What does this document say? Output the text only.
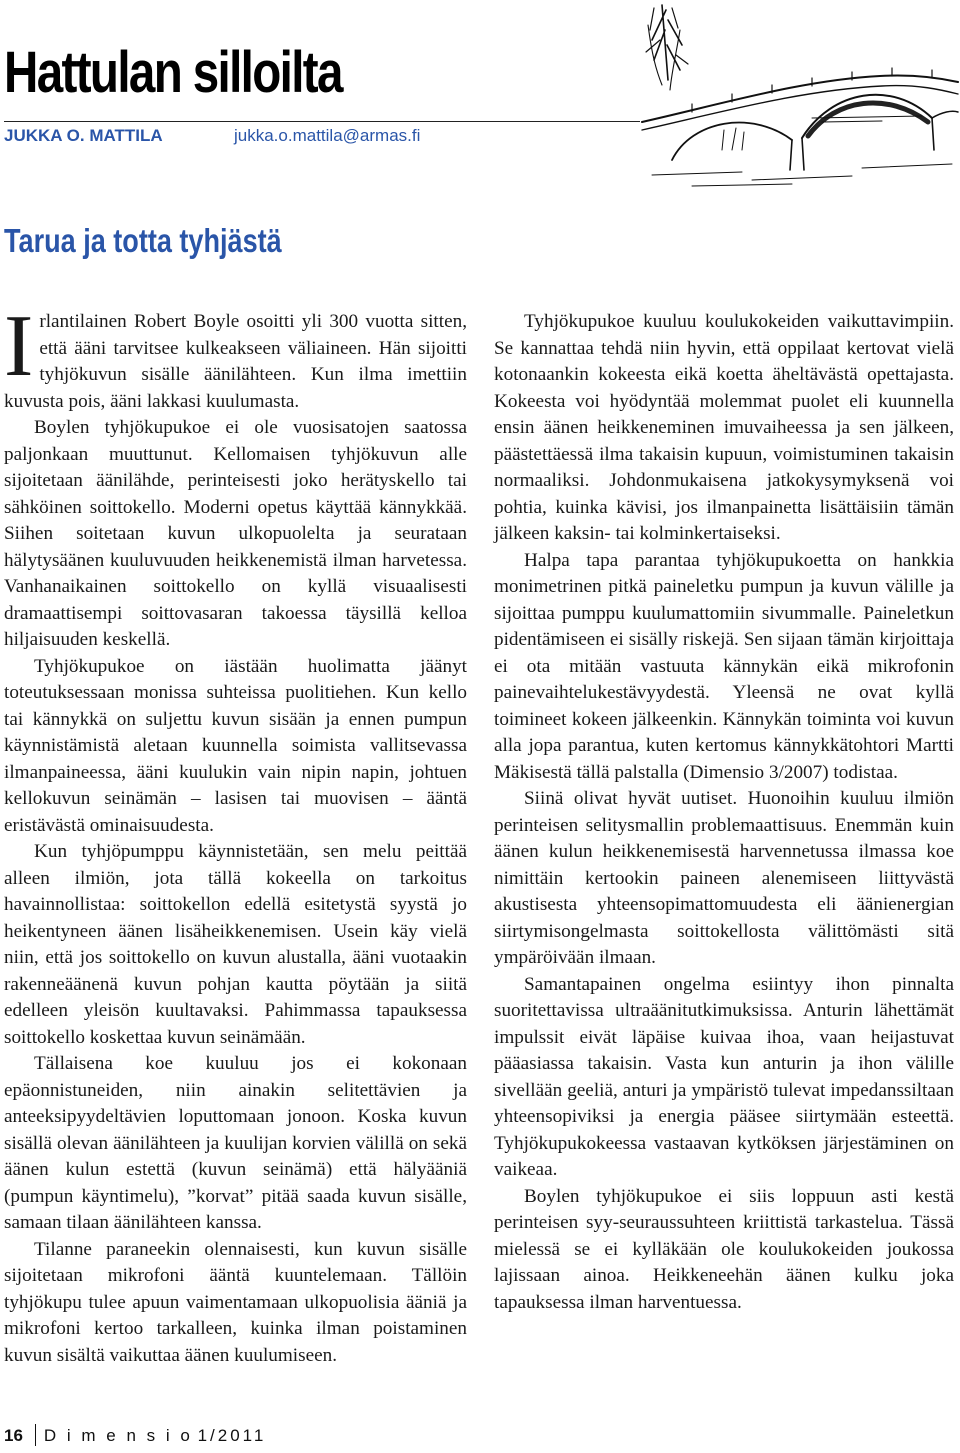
Hattulan silloilta
JUKKA O. MATTILA	jukka.o.mattila@armas.fi
Tarua ja totta tyhjästä

Irlantilainen Robert Boyle osoitti yli 300 vuotta sitten, että ääni tarvitsee kulkeakseen väliaineen. Hän sijoitti tyhjökuvun sisälle äänilähteen. Kun ilma imettiin kuvusta pois, ääni lakkasi kuulumasta.

Boylen tyhjökupukoe ei ole vuosisatojen saatossa paljonkaan muuttunut. Kellomaisen tyhjökuvun alle sijoitetaan äänilähde, perinteisesti joko herätyskello tai sähköinen soittokello. Moderni opetus käyttää kännykkää. Siihen soitetaan kuvun ulkopuolelta ja seurataan hälytysäänen kuuluvuuden heikkenemistä ilman harvetessa. Vanhanaikainen soittokello on kyllä visuaalisesti dramaattisempi soittovasaran takoessa täysillä kelloa hiljaisuuden keskellä.

Tyhjökupukoe on iästään huolimatta jäänyt toteutuksessaan monissa suhteissa puolitiehen. Kun kello tai kännykkä on suljettu kuvun sisään ja ennen pumpun käynnistämistä aletaan kuunnella soimista vallitsevassa ilmanpaineessa, ääni kuulukin vain nipin napin, johtuen kellokuvun seinämän – lasisen tai muovisen – ääntä eristävästä ominaisuudesta.

Kun tyhjöpumppu käynnistetään, sen melu peittää alleen ilmiön, jota tällä kokeella on tarkoitus havainnollistaa: soittokellon edellä esitetystä syystä jo heikentyneen äänen lisäheikkenemisen. Usein käy vielä niin, että jos soittokello on kuvun alustalla, ääni vuotaakin rakenneäänenä kuvun pohjan kautta pöytään ja siitä edelleen yleisön kuultavaksi. Pahimmassa tapauksessa soittokello koskettaa kuvun seinämään.

Tällaisena koe kuuluu jos ei kokonaan epäonnistuneiden, niin ainakin selitettävien ja anteeksipyydeltävien loputtomaan jonoon. Koska kuvun sisällä olevan äänilähteen ja kuulijan korvien välillä on sekä äänen kulun estettä (kuvun seinämä) että hälyääniä (pumpun käyntimelu), ”korvat” pitää saada kuvun sisälle, samaan tilaan äänilähteen kanssa.

Tilanne paraneekin olennaisesti, kun kuvun sisälle sijoitetaan mikrofoni ääntä kuuntelemaan. Tällöin tyhjökupu tulee apuun vaimentamaan ulkopuolisia ääniä ja mikrofoni kertoo tarkalleen, kuinka ilman poistaminen kuvun sisältä vaikuttaa äänen kuulumiseen.

Tyhjökupukoe kuuluu koulukokeiden vaikuttavimpiin. Se kannattaa tehdä niin hyvin, että oppilaat kertovat vielä kotonaankin kokeesta eikä koetta äheltävästä opettajasta. Kokeesta voi hyödyntää molemmat puolet eli kuunnella ensin äänen heikkeneminen imuvaiheessa ja sen jälkeen, päästettäessä ilma takaisin kupuun, voimistuminen takaisin normaaliksi. Johdonmukaisena jatkokysymyksenä voi pohtia, kuinka kävisi, jos ilmanpainetta lisättäisiin tämän jälkeen kaksin- tai kolminkertaiseksi.

Halpa tapa parantaa tyhjökupukoetta on hankkia monimetrinen pitkä paineletku pumpun ja kuvun välille ja sijoittaa pumppu kuulumattomiin sivummalle. Paineletkun pidentämiseen ei sisälly riskejä. Sen sijaan tämän kirjoittaja ei ota mitään vastuuta kännykän eikä mikrofonin painevaihtelukestävyydestä. Yleensä ne ovat kyllä toimineet kokeen jälkeenkin. Kännykän toiminta voi kuvun alla jopa parantua, kuten kertomus kännykkätohtori Martti Mäkisestä tällä palstalla (Dimensio 3/2007) todistaa.

Siinä olivat hyvät uutiset. Huonoihin kuuluu ilmiön perinteisen selitysmallin problemaattisuus. Enemmän kuin äänen kulun heikkenemisestä harvennetussa ilmassa koe nimittäin kertookin paineen alenemiseen liittyvästä akustisesta yhteensopimattomuudesta eli äänienergian siirtymisongelmasta soittokellosta välittömästi sitä ympäröivään ilmaan.

Samantapainen ongelma esiintyy ihon pinnalta suoritettavissa ultraäänitutkimuksissa. Anturin lähettämät impulssit eivät läpäise kuivaa ihoa, vaan heijastuvat pääasiassa takaisin. Vasta kun anturin ja ihon välille sivellään geeliä, anturi ja ympäristö tulevat impedanssiltaan yhteensopiviksi ja energia pääsee siirtymään esteettä. Tyhjökupukokeessa vastaavan kytköksen järjestäminen on vaikeaa.

Boylen tyhjökupukoe ei siis loppuun asti kestä perinteisen syy-seuraussuhteen kriittistä tarkastelua. Tässä mielessä se ei kylläkään ole koulukokeiden joukossa lajissaan ainoa. Heikkeneehän äänen kulku joka tapauksessa ilman harventuessa.

16 D i m e n s i o 1/2011
